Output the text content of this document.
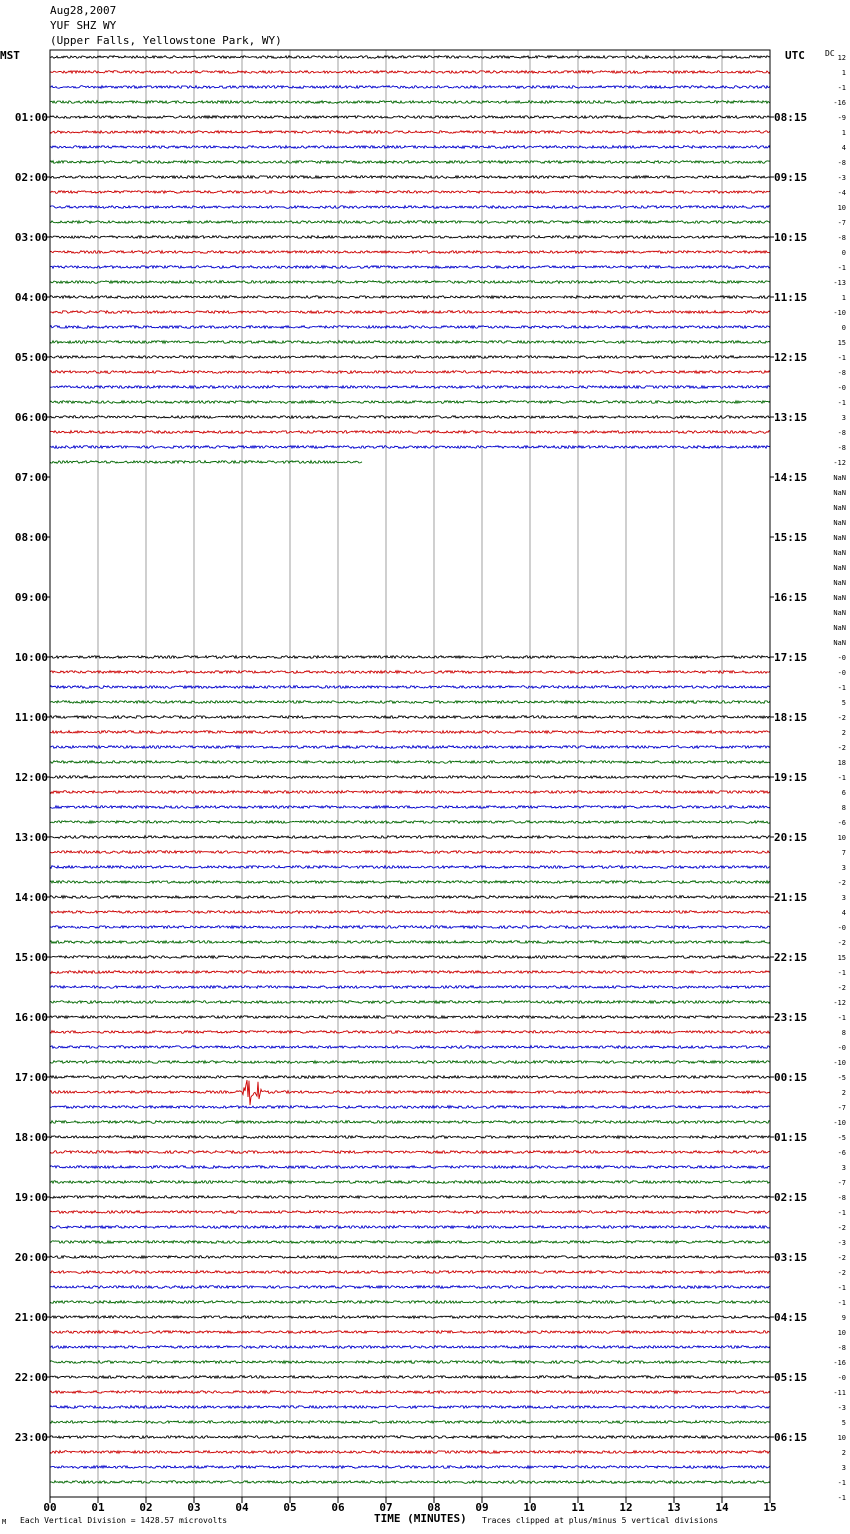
Aug28,2007
YUF SHZ WY
(Upper Falls, Yellowstone Park, WY)
MST	UTC	DC 12
1
-1
-16
-9
1
4
-8
-3
-4
10
-7
-8
0
-1
-13
1
-10
0
15
-1
-8
-0
-1
3
-8
-8
-12
NaN
NaN
NaN
NaN
NaN
NaN
NaN
NaN
NaN
NaN
NaN
NaN
-0
-0
-1
5
-2
2
-2
18
-1
6
8
-6
10
7
3
-2
3
4
-0
-2
15
-1
-2
-12
-1
8
-0
-10
-5
2
-7
-10
-5
-6
3
-7
-8
-1
-2
-3
-2
-2
-1
-1
9
10
-8
-16
-0
-11
-3
5
10
2
3
-1
-1
01:00	08:15
02:00	09:15
03:00	10:15
04:00	11:15
05:00	12:15
06:00	13:15
07:00	14:15
08:00	15:15
09:00	16:15
10:00	17:15
11:00	18:15
12:00	19:15
13:00	20:15
14:00	21:15
15:00	22:15
16:00	23:15
17:00	00:15
18:00	01:15
19:00	02:15
20:00	03:15
21:00	04:15
22:00	05:15
23:00	06:15
00	01	02	03	04	05	06	07	08	09	10	11	12	13	14	15
M Each Vertical Division = 1428.57 microvolts	TIME (MINUTES) Traces clipped at plus/minus 5 vertical divisions
